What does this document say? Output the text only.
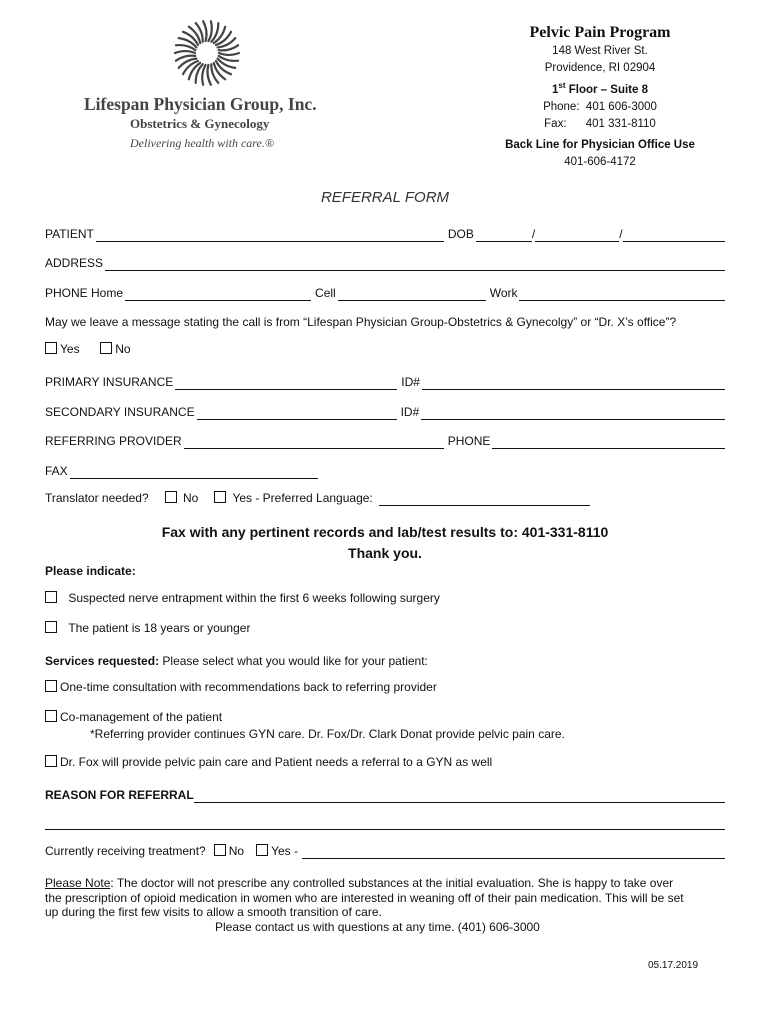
Lifespan Physician Group, Inc.
Obstetrics & Gynecology
Delivering health with care.®
Pelvic Pain Program
148 West River St.
Providence, RI 02904
1st Floor – Suite 8
Phone: 401 606-3000
Fax: 401 331-8110
Back Line for Physician Office Use
401-606-4172
REFERRAL FORM
PATIENT	DOB	/	/
ADDRESS
PHONE Home	Cell	Work
May we leave a message stating the call is from “Lifespan Physician Group-Obstetrics & Gynecolgy” or “Dr. X’s office”?
Yes	No
PRIMARY INSURANCE	ID#
SECONDARY INSURANCE	ID#
REFERRING PROVIDER	PHONE
FAX
Translator needed?	No	Yes - Preferred Language:
Fax with any pertinent records and lab/test results to: 401-331-8110
Thank you.
Please indicate:
Suspected nerve entrapment within the first 6 weeks following surgery
The patient is 18 years or younger
Services requested: Please select what you would like for your patient:
One-time consultation with recommendations back to referring provider
Co-management of the patient
*Referring provider continues GYN care. Dr. Fox/Dr. Clark Donat provide pelvic pain care.
Dr. Fox will provide pelvic pain care and Patient needs a referral to a GYN as well
REASON FOR REFERRAL
Currently receiving treatment?	No	Yes -
Please Note: The doctor will not prescribe any controlled substances at the initial evaluation. She is happy to take over
the prescription of opioid medication in women who are interested in weaning off of their pain medication. This will be set
up during the first few visits to allow a smooth transition of care.
Please contact us with questions at any time. (401) 606-3000
05.17.2019
